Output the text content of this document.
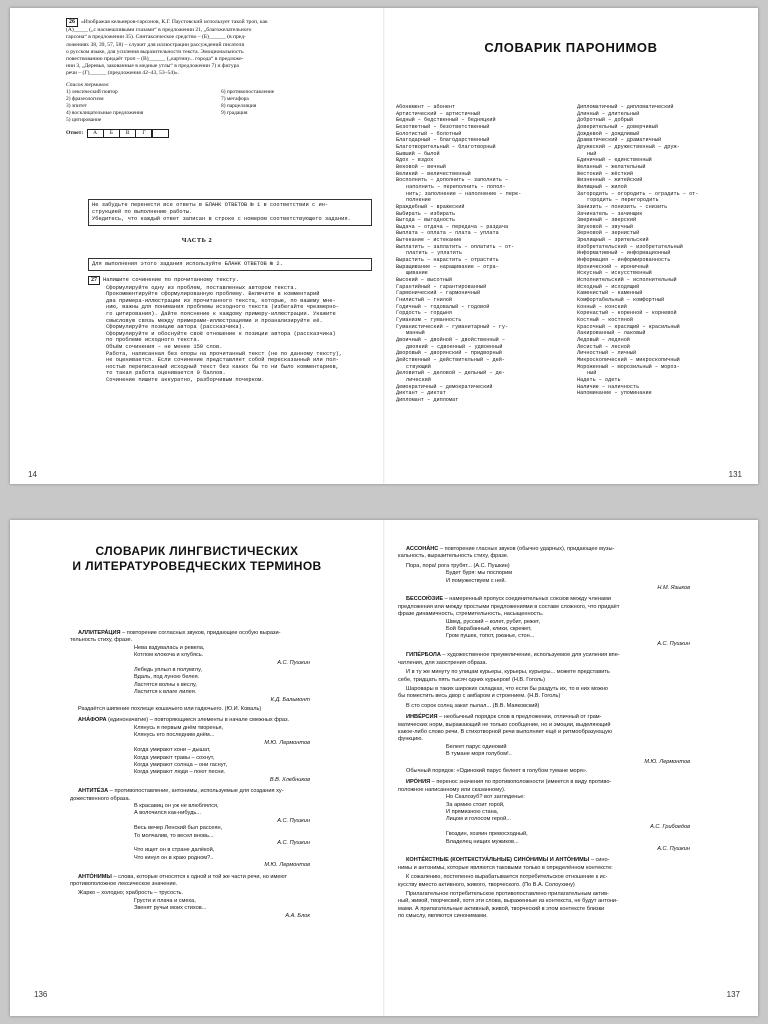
26 «Изображая кельнеров-гарсонов, К.Г. Паустовский использует такой троп, как
(А)_____ („с насмешливыми глазами“ в предложении 21, „благожелательного
гарсона“ в предложении 35). Синтаксическое средство – (Б)______ (в пред-
ложениях 38, 39, 57, 58) – служит для иллюстрации рассуждений писателя
о русском языке, для усиления выразительности текста. Эмоциональность
повествованию придаёт троп – (В)______ („картину... города“ в предложе-
нии 3, „Деревья, закованные в медные утлы“ в предложении 7) и фигура
речи – (Г)______ (предложения 42–43, 53–54)».
Список терминов:
1) лексический повтор	6) противопоставление
2) фразеологизм	7) метафора
3) эпитет	8) парцелляция
4) восклицательные предложения	9) градация
5) цитирование
Ответ:	А	Б	В	Г
Не забудьте перенести все ответы в БЛАНК ОТВЕТОВ № 1 в соответствии с ин-
струкцией по выполнению работы.
Убедитесь, что каждый ответ записан в строке с номером соответствующего задания.
ЧАСТЬ 2
Для выполнения этого задания используйте БЛАНК ОТВЕТОВ № 2.

27 Напишите сочинение по прочитанному тексту.

Сформулируйте одну из проблем, поставленных автором текста.

Прокомментируйте сформулированную проблему. Включите в комментарий

два примера-иллюстрации из прочитанного текста, которые, по вашему мне-

нию, важны для понимания проблемы исходного текста (избегайте чрезмерно-

го цитирования). Дайте пояснение к каждому примеру-иллюстрации. Укажите

смысловую связь между примерами-иллюстрациями и проанализируйте её.

Сформулируйте позицию автора (рассказчика).

Сформулируйте и обоснуйте своё отношение к позиции автора (рассказчика)

по проблеме исходного текста.

Объём сочинения – не менее 150 слов.

Работа, написанная без опоры на прочитанный текст (не по данному тексту),

не оценивается. Если сочинение представляет собой пересказанный или пол-

ностью переписанный исходный текст без каких бы то ни было комментариев,

то такая работа оценивается 0 баллов.

Сочинение пишите аккуратно, разборчивым почерком.

14
СЛОВАРИК ПАРОНИМОВ
Абонемент – абонент
Артистический – артистичный
Бедный – бедственный – бедняцкий
Безответный – безответственный
Болотистый – болотный
Благодарный – благодарственный
Благотворительный – благотворный
Бывший – былой
Вдох – вздох
Вековой – вечный
Великий – величественный
Восполнить – дополнить – заполнить –
наполнить – переполнить – попол-
нить; заполнение – наполнение – пере-
полнение
Враждебный – вражеский
Выбирать – избирать
Выгода – выгодность
Выдача – отдача – передача – раздача
Выплата – оплата – плата – уплата
Вытекание – истекание
Выплатить – заплатить – оплатить – от-
платить – уплатить
Вырастить – нарастить – отрастить
Выращивание – наращивание – отра-
щивание
Высокий – высотный
Гарантийный – гарантированный
Гармонический – гармоничный
Гнилистый – гнилой
Годичный – годовалый – годовой
Гордость – гордыня
Гуманизм – гуманность
Гуманистический – гуманитарный – гу-
манный
Двоичный – двойной – двойственный –
двоякий – сдвоенный – удвоенный
Дворовый – дворянский – придворный
Действенный – действительный – дей-
ствующий
Деловитый – деловой – дельный – де-
лический
Демократичный – демократический
Диктант – диктат
Дипломант – дипломат
Дипломатичный – дипломатический
Длинный – длительный
Добротный – добрый
Доверительный – доверчивый
Дождевой – дождливый
Драматический – драматичный
Дружеский – дружественный – друж-
ный
Единичный – единственный
Желанный – желательный
Жестокий – жёсткий
Жизненный – житейский
Жилищный – жилой
Загородить – огородить – оградить – от-
городить – перегородить
Занизить – понизить – снизить
Зачинатель – зачинщик
Звериный – зверский
Звуковой – звучный
Зерновой – зернистый
Зрелищный – зрительский
Изобретательский – изобретательный
Информативный – информационный
Информация – информированность
Иронический – ироничный
Искусный – искусственный
Исполнительский – исполнительный
Исходный – исходящий
Каменистый – каменный
Комфортабельный – комфортный
Конный – конский
Коренастый – коренной – корневой
Костный – костяной
Красочный – красящий – красильный
Лакированный – лаковый
Ледовый – ледяной
Лесистый – лесной
Личностный – личный
Микроскопический – микроскопичный
Мороженный – морозильный – мороз-
ный
Надеть – одеть
Наличие – наличность
Напоминание – упоминание
131
СЛОВАРИК ЛИНГВИСТИЧЕСКИХ
И ЛИТЕРАТУРОВЕДЧЕСКИХ ТЕРМИНОВ
АЛЛИТЕРА́ЦИЯ – повторение согласных звуков, придающее особую вырази-
тельность стиху, фразе.
Нева вздувалась и ревела,
Котлом клокоча и клубясь.
А.С. Пушкин
Лебедь уплыл в полумглу,
Вдаль, под луною белея.
Ластятся волны к веслу,
Ластится к влаге лилея.
К.Д. Бальмонт
Раздаётся шипение похлеще кошачьего или гадючьего. (Ю.И. Коваль)
АНА́ФОРА (единоначатие) – повторяющиеся элементы в начале смежных фраз.
Клянусь я первым днём творенья,
Клянусь его последним днём...
М.Ю. Лермонтов
Когда умирают кони – дышат,
Когда умирают травы – сохнут,
Когда умирают солнца – они гаснут,
Когда умирают люди – поют песни.
В.В. Хлебников
АНТИТЕ́ЗА – противопоставление, антонимы, используемые для создания ху-
дожественного образа.
В красавиц он уж не влюблялся,
А волочился как-нибудь...
А.С. Пушкин
Весь вечер Ленский был рассеян,
То молчалив, то весел вновь...
А.С. Пушкин
Что ищет он в стране далёкой,
Что кинул он в краю родном?..
М.Ю. Лермонтов
АНТО́НИМЫ – слова, которые относятся к одной и той же части речи, но имеют
противоположное лексическое значение.
Жарко – холодно; храбрость – трусость.
Грусти и плача и смеха,
Звенят ручьи моих стихов...
А.А. Блок
136
АССОНА́НС – повторение гласных звуков (обычно ударных), придающее музы-
кальность, выразительность стиху, фразе.
Пора, пора! рога трубят... (А.С. Пушкин)
Будет буря: мы поспорим
И помужествуем с ней.
Н.М. Языков
БЕССОЮ́ЗИЕ – намеренный пропуск соединительных союзов между членами
предложения или между простыми предложениями в составе сложного, что придаёт
фразе динамичность, стремительность, насыщенность.
Швед, русский – колет, рубит, режет,
Бой барабанный, клики, скрежет,
Гром пушек, топот, ржанье, стон...
А.С. Пушкин
ГИПЕ́РБОЛА – художественное преувеличение, используемое для усиления впе-
чатления, для заострения образа.
И в ту же минуту по улицам курьеры, курьеры, курьеры... можете представить
себе, тридцать пять тысяч одних курьеров! (Н.В. Гоголь)
Шаровары в таких широких складках, что если бы раздуть их, то в них можно
бы поместить весь двор с амбаром и строением. (Н.В. Гоголь)
В сто сорок солнц закат пылал... (В.В. Маяковский)
ИНВЕ́РСИЯ – необычный порядок слов в предложении, отличный от грам-
матических норм, выражающий не только сообщение, но и эмоции, выделяющий
какое-либо слово речи. В стихотворной речи выполняет ещё и ритмообразующую
функцию.
Белеет парус одинокий
В тумане моря голубом!..
М.Ю. Лермонтов
Обычный порядок: «Одинокий парус белеет в голубом тумане моря».
ИРО́НИЯ – перенос значения по противоположности (имеется в виду противо-
положное написанному или сказанному).
Но Скалозуб? вот загляденье:
За армию стоит горой,
И прямизною стана,
Лицом и голосом герой...
А.С. Грибоедов
Гвоздин, хозяин превосходный,
Владелец нищих мужиков...
А.С. Пушкин
КОНТЕ́КСТНЫЕ (КОНТЕКСТУА́ЛЬНЫЕ) СИНО́НИМЫ И АНТО́НИМЫ – сино-
нимы и антонимы, которые являются таковыми только в определённом контексте:
К сожалению, постепенно вырабатывается потребительское отношение к ис-
кусству вместо активного, живого, творческого. (По В.А. Солоухину)
Прилагательное потребительское противопоставлено прилагательным актив-
ный, живой, творческий, хотя эти слова, выраженные из контекста, не будут антони-
мами. А прилагательные активный, живой, творческий в этом контексте близки
по смыслу, являются синонимами.
137
